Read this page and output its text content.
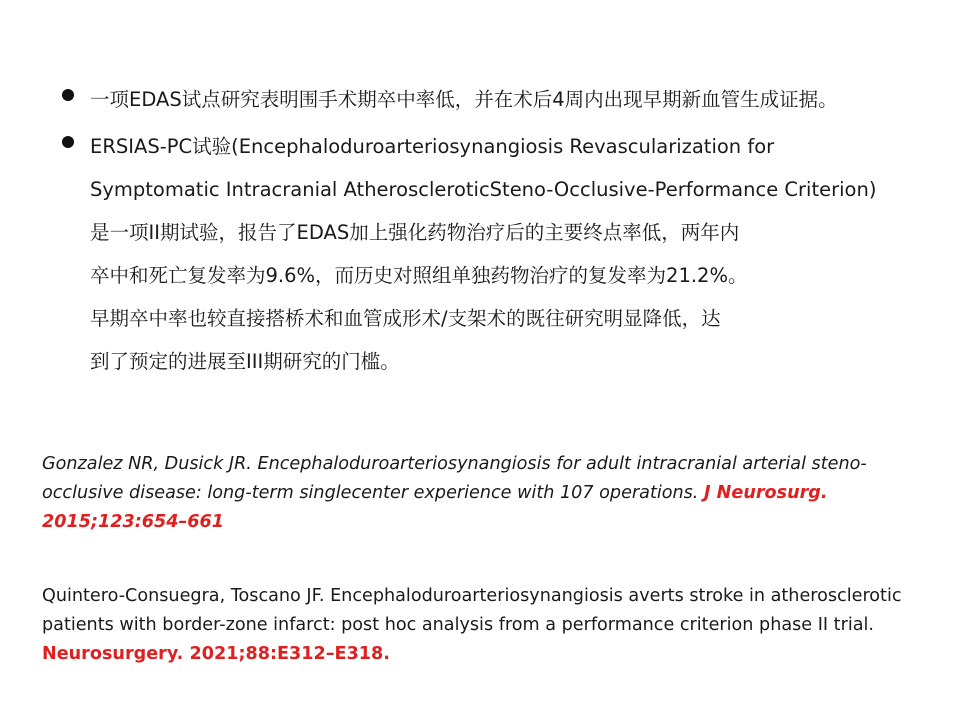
一项EDAS试点研究表明围手术期卒中率低，并在术后4周内出现早期新血管生成证据。
ERSIAS-PC试验(Encephaloduroarteriosynangiosis Revascularization for
Symptomatic Intracranial AtheroscleroticSteno-Occlusive-Performance Criterion)
是一项II期试验，报告了EDAS加上强化药物治疗后的主要终点率低，两年内
卒中和死亡复发率为9.6%，而历史对照组单独药物治疗的复发率为21.2%。
早期卒中率也较直接搭桥术和血管成形术/支架术的既往研究明显降低，达
到了预定的进展至III期研究的门槛。
Gonzalez NR, Dusick JR. Encephaloduroarteriosynangiosis for adult intracranial arterial steno-occlusive disease: long-term singlecenter experience with 107 operations. J Neurosurg. 2015;123:654–661
Quintero-Consuegra, Toscano JF. Encephaloduroarteriosynangiosis averts stroke in atherosclerotic patients with border-zone infarct: post hoc analysis from a performance criterion phase II trial. Neurosurgery. 2021;88:E312–E318.
